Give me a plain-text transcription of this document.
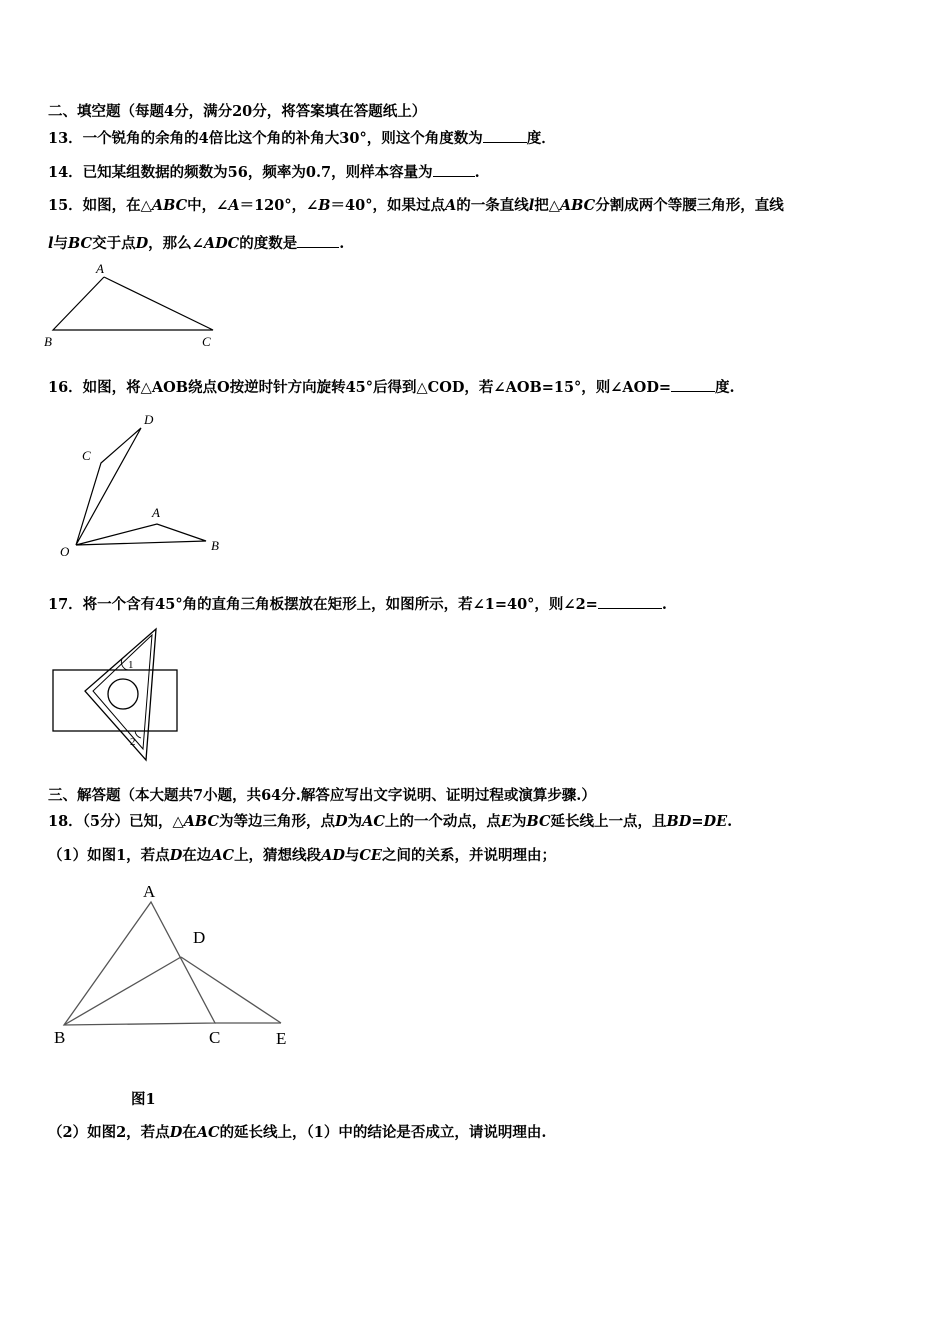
二、填空题（每题4分，满分20分，将答案填在答题纸上）
13．一个锐角的余角的4倍比这个角的补角大30°，则这个角度数为	度．
14．已知某组数据的频数为56，频率为0.7，则样本容量为	.
15．如图，在△ABC中，∠A＝120°，∠B＝40°，如果过点A的一条直线l把△ABC分割成两个等腰三角形，直线
l与BC交于点D，那么∠ADC的度数是	.
A
B	C
16．如图，将△AOB绕点O按逆时针方向旋转45°后得到△COD，若∠AOB=15°，则∠AOD=	度.
D
C
A
O	B
17．将一个含有45°角的直角三角板摆放在矩形上，如图所示，若∠1=40°，则∠2=	.
1
2
三、解答题（本大题共7小题，共64分.解答应写出文字说明、证明过程或演算步骤.）
18．（5分）已知，△ABC为等边三角形，点D为AC上的一个动点，点E为BC延长线上一点，且BD=DE.
（1）如图1，若点D在边AC上，猜想线段AD与CE之间的关系，并说明理由；
A
D
B	C	E
图1
（2）如图2，若点D在AC的延长线上，（1）中的结论是否成立，请说明理由.
